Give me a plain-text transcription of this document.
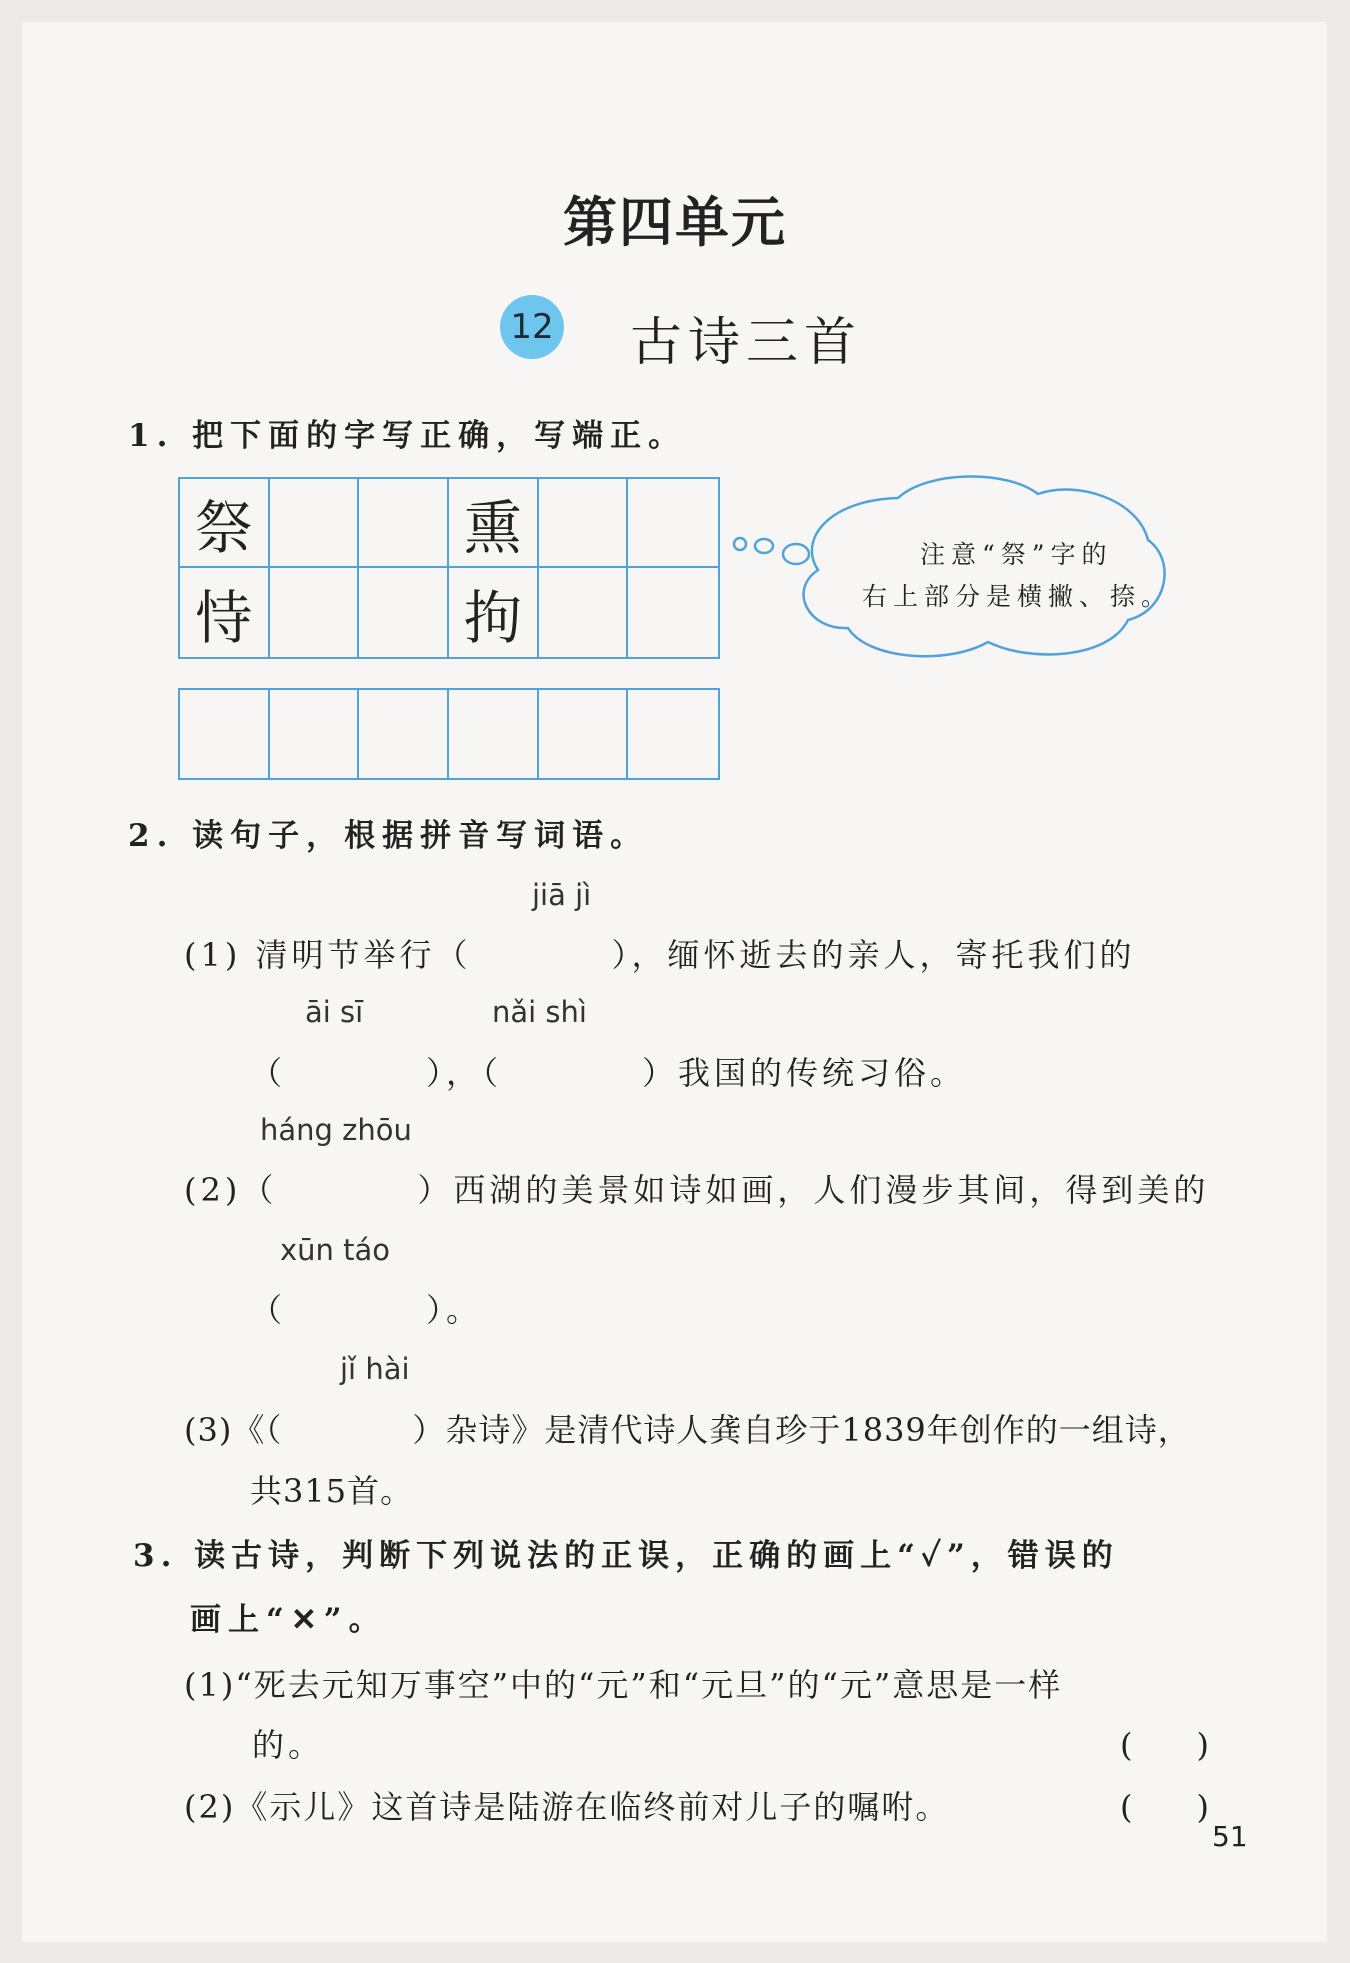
第四单元
12 古诗三首
1. 把下面的字写正确，写端正。
祭	熏
恃	拘
注意“祭”字的
右上部分是横撇、捺。
2. 读句子，根据拼音写词语。
jiā jì
(1) 清明节举行（	），缅怀逝去的亲人，寄托我们的
āi sī	nǎi shì
（	），（	）我国的传统习俗。
háng zhōu
(2)（	）西湖的美景如诗如画，人们漫步其间，得到美的
xūn táo
（	）。
jǐ hài
(3)《（	）杂诗》是清代诗人龚自珍于1839年创作的一组诗，
共315首。
3. 读古诗，判断下列说法的正误，正确的画上“✓”，错误的
画上“✕”。
(1)“死去元知万事空”中的“元”和“元旦”的“元”意思是一样
的。	(　　)
(2)《示儿》这首诗是陆游在临终前对儿子的嘱咐。	(　　)
51
